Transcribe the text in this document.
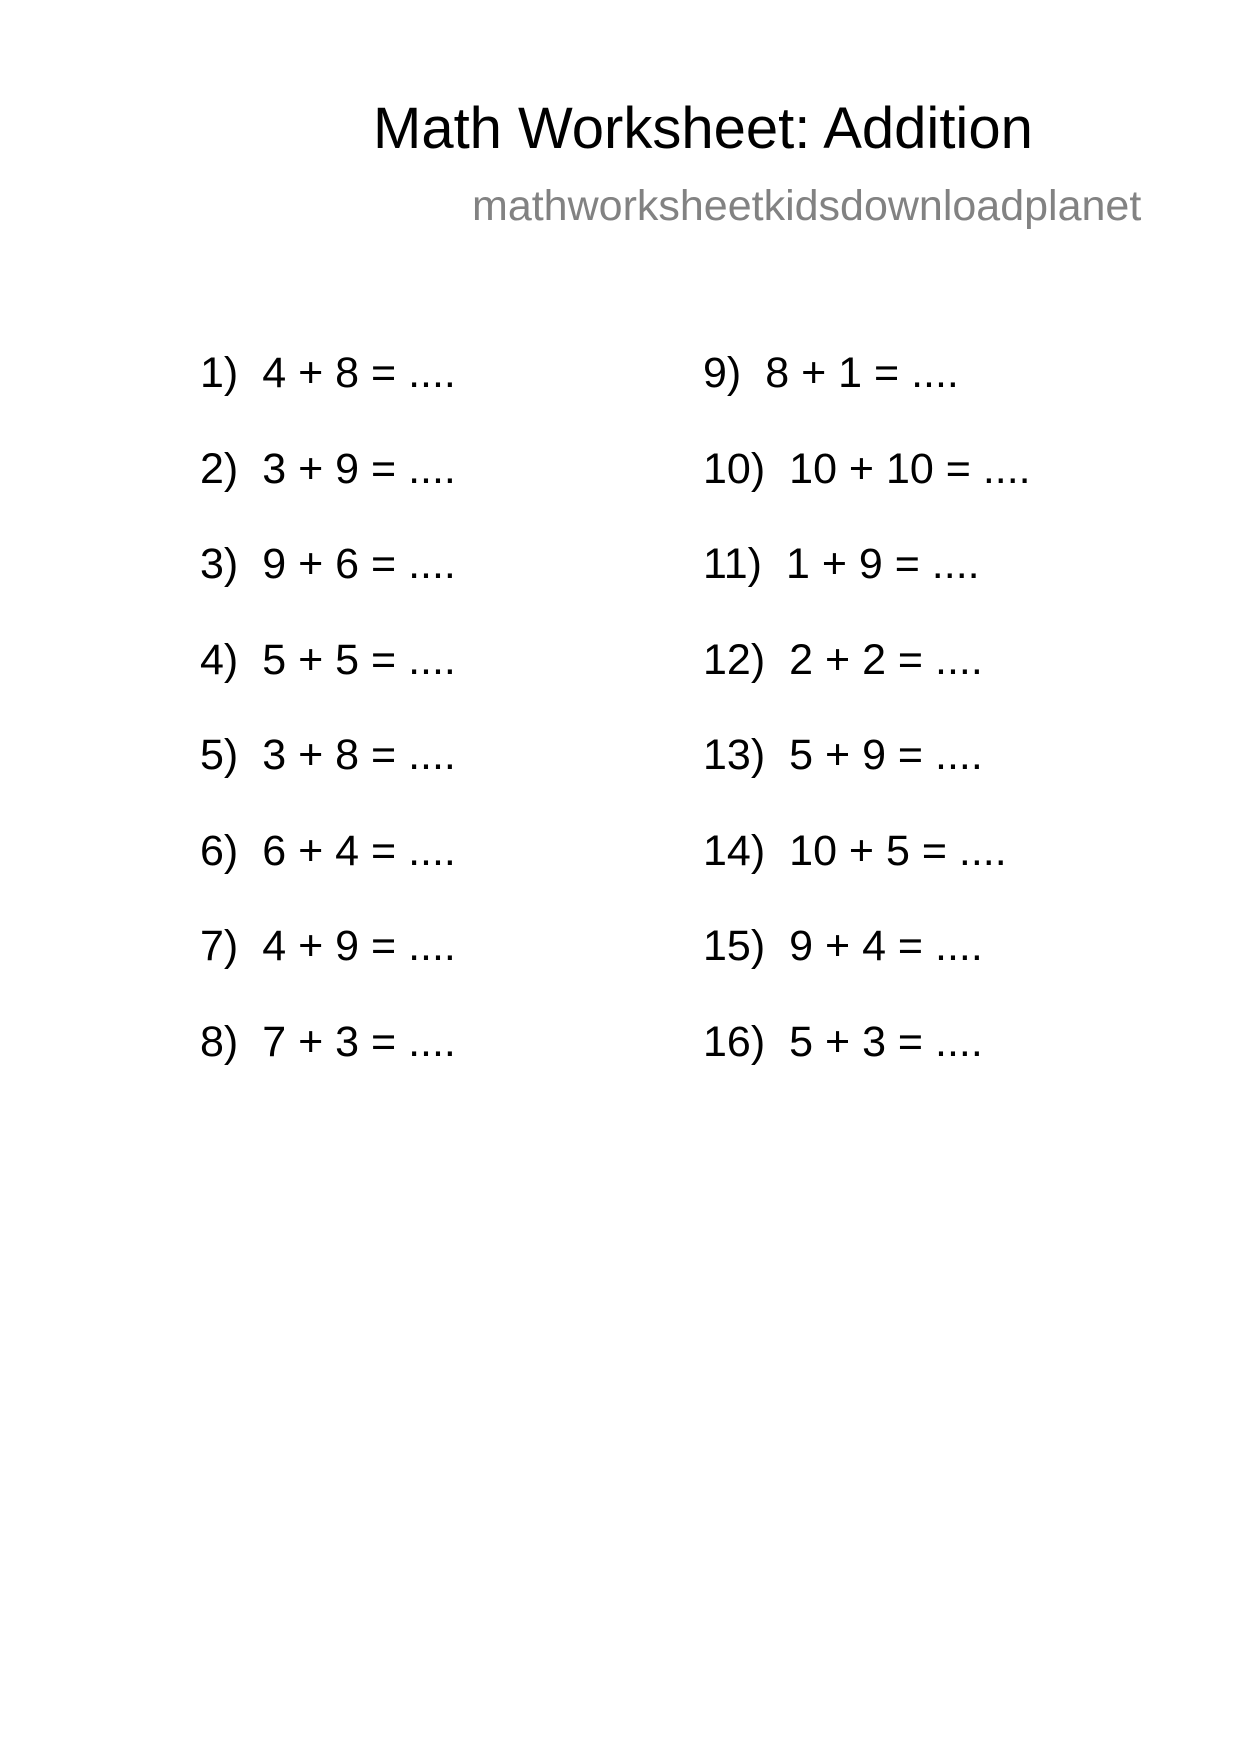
Math Worksheet: Addition
mathworksheetkidsdownloadplanet
1) 4 + 8 = ....
2) 3 + 9 = ....
3) 9 + 6 = ....
4) 5 + 5 = ....
5) 3 + 8 = ....
6) 6 + 4 = ....
7) 4 + 9 = ....
8) 7 + 3 = ....
9) 8 + 1 = ....
10) 10 + 10 = ....
11) 1 + 9 = ....
12) 2 + 2 = ....
13) 5 + 9 = ....
14) 10 + 5 = ....
15) 9 + 4 = ....
16) 5 + 3 = ....
